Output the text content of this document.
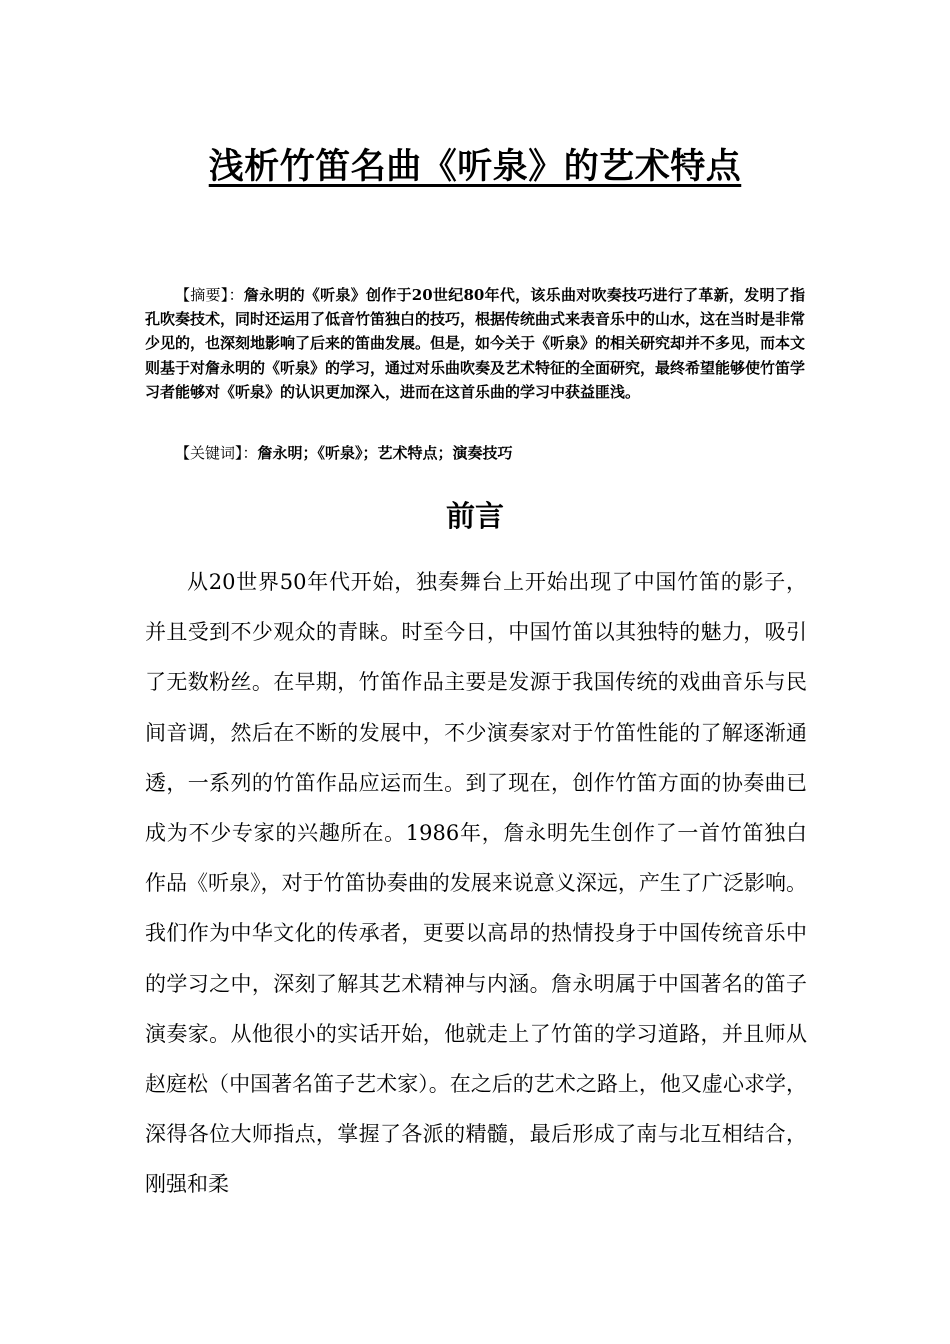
浅析竹笛名曲《听泉》的艺术特点

【摘要】：詹永明的《听泉》创作于20世纪80年代，该乐曲对吹奏技巧进行了革新，发明了指孔吹奏技术，同时还运用了低音竹笛独白的技巧，根据传统曲式来表音乐中的山水，这在当时是非常少见的，也深刻地影响了后来的笛曲发展。但是，如今关于《听泉》的相关研究却并不多见，而本文则基于对詹永明的《听泉》的学习，通过对乐曲吹奏及艺术特征的全面研究，最终希望能够使竹笛学习者能够对《听泉》的认识更加深入，进而在这首乐曲的学习中获益匪浅。

【关键词】：詹永明；《听泉》；艺术特点；演奏技巧

前言

从20世界50年代开始，独奏舞台上开始出现了中国竹笛的影子，并且受到不少观众的青睐。时至今日，中国竹笛以其独特的魅力，吸引了无数粉丝。在早期，竹笛作品主要是发源于我国传统的戏曲音乐与民间音调，然后在不断的发展中，不少演奏家对于竹笛性能的了解逐渐通透，一系列的竹笛作品应运而生。到了现在，创作竹笛方面的协奏曲已成为不少专家的兴趣所在。1986年，詹永明先生创作了一首竹笛独白作品《听泉》，对于竹笛协奏曲的发展来说意义深远，产生了广泛影响。我们作为中华文化的传承者，更要以高昂的热情投身于中国传统音乐中的学习之中，深刻了解其艺术精神与内涵。詹永明属于中国著名的笛子演奏家。从他很小的实话开始，他就走上了竹笛的学习道路，并且师从赵庭松（中国著名笛子艺术家）。在之后的艺术之路上，他又虚心求学，深得各位大师指点，掌握了各派的精髓，最后形成了南与北互相结合，刚强和柔
